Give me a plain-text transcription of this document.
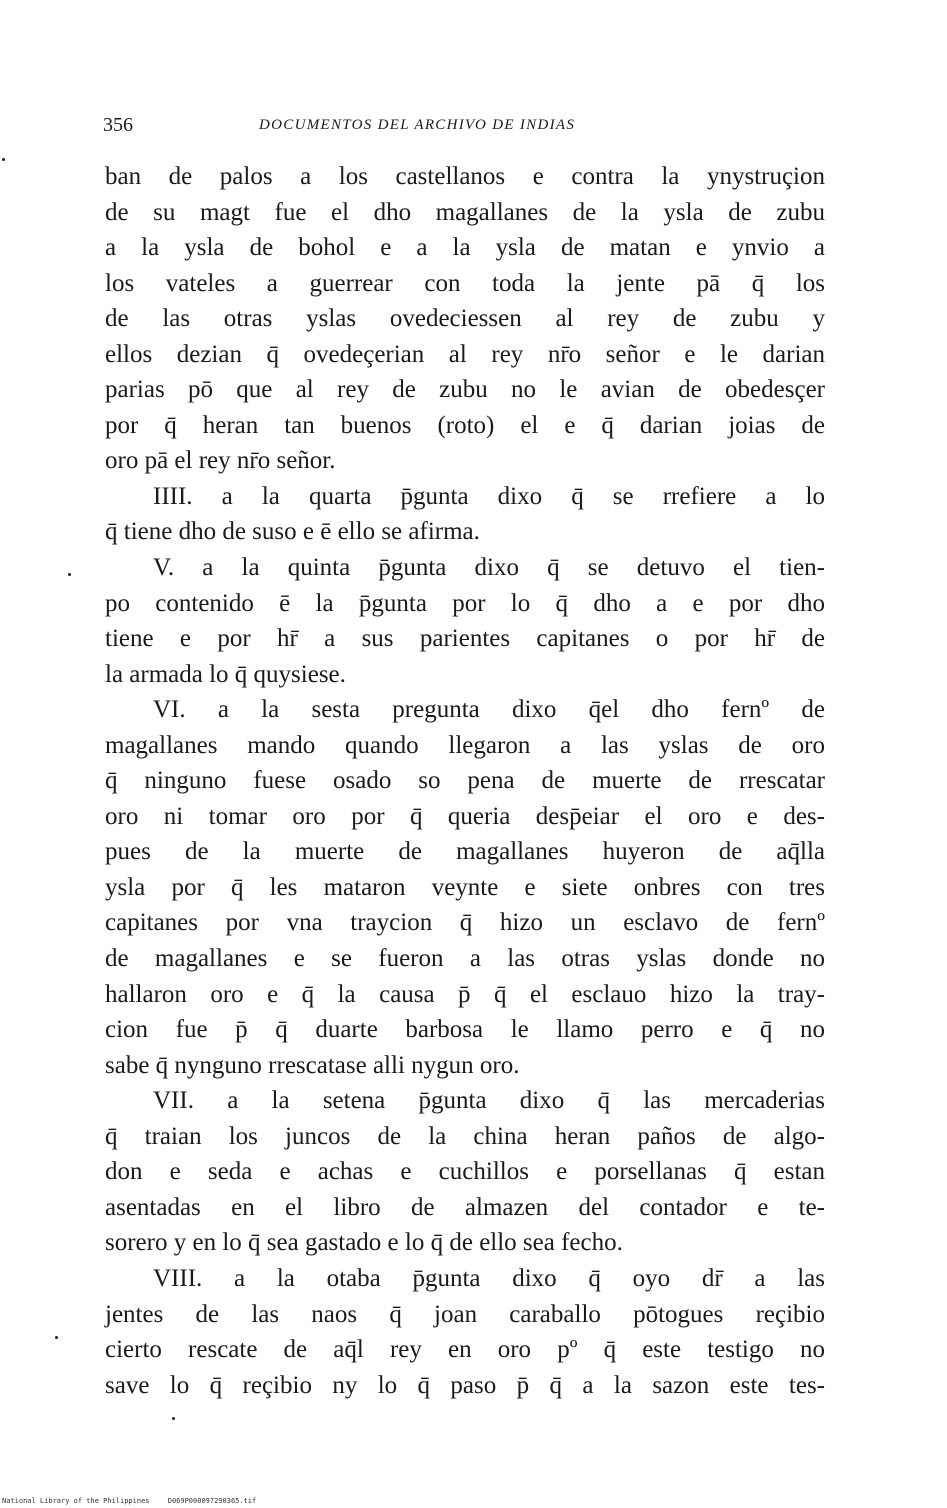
356	DOCUMENTOS DEL ARCHIVO DE INDIAS
ban de palos a los castellanos e contra la ynystruçion
de su magt fue el dho magallanes de la ysla de zubu
a la ysla de bohol e a la ysla de matan e ynvio a
los vateles a guerrear con toda la jente pā q̄ los
de las otras yslas ovedeciessen al rey de zubu y
ellos dezian q̄ ovedeçerian al rey nr̄o señor e le darian
parias pō que al rey de zubu no le avian de obedesçer
por q̄ heran tan buenos (roto) el e q̄ darian joias de
oro pā el rey nr̄o señor.
IIII. a la quarta p̄gunta dixo q̄ se rrefiere a lo
q̄ tiene dho de suso e ē ello se afirma.
V. a la quinta p̄gunta dixo q̄ se detuvo el tien-
po contenido ē la p̄gunta por lo q̄ dho a e por dho
tiene e por hr̄ a sus parientes capitanes o por hr̄ de
la armada lo q̄ quysiese.
VI. a la sesta pregunta dixo q̄el dho fernº de
magallanes mando quando llegaron a las yslas de oro
q̄ ninguno fuese osado so pena de muerte de rrescatar
oro ni tomar oro por q̄ queria desp̄eiar el oro e des-
pues de la muerte de magallanes huyeron de aq̄lla
ysla por q̄ les mataron veynte e siete onbres con tres
capitanes por vna traycion q̄ hizo un esclavo de fernº
de magallanes e se fueron a las otras yslas donde no
hallaron oro e q̄ la causa p̄ q̄ el esclauo hizo la tray-
cion fue p̄ q̄ duarte barbosa le llamo perro e q̄ no
sabe q̄ nynguno rrescatase alli nygun oro.
VII. a la setena p̄gunta dixo q̄ las mercaderias
q̄ traian los juncos de la china heran paños de algo-
don e seda e achas e cuchillos e porsellanas q̄ estan
asentadas en el libro de almazen del contador e te-
sorero y en lo q̄ sea gastado e lo q̄ de ello sea fecho.
VIII. a la otaba p̄gunta dixo q̄ oyo dr̄ a las
jentes de las naos q̄ joan caraballo pōtogues reçibio
cierto rescate de aq̄l rey en oro pº q̄ este testigo no
save lo q̄ reçibio ny lo q̄ paso p̄ q̄ a la sazon este tes-
National Library of the Philippines	D069P000097290365.tif
